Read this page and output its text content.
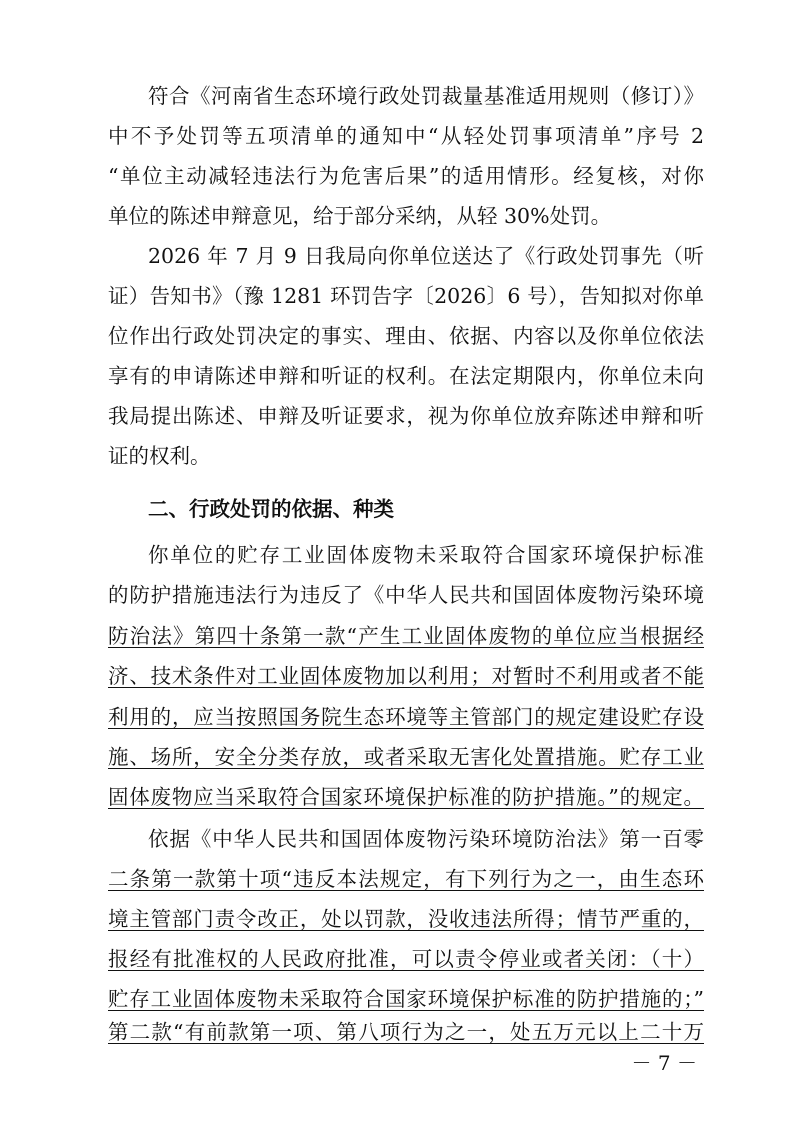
符合《河南省生态环境行政处罚裁量基准适用规则（修订）》
中不予处罚等五项清单的通知中“从轻处罚事项清单”序号 2
“单位主动减轻违法行为危害后果”的适用情形。经复核，对你
单位的陈述申辩意见，给于部分采纳，从轻 30%处罚。
2026 年 7 月 9 日我局向你单位送达了《行政处罚事先（听
证）告知书》（豫 1281 环罚告字〔2026〕6 号），告知拟对你单
位作出行政处罚决定的事实、理由、依据、内容以及你单位依法
享有的申请陈述申辩和听证的权利。在法定期限内，你单位未向
我局提出陈述、申辩及听证要求，视为你单位放弃陈述申辩和听
证的权利。
二、行政处罚的依据、种类
你单位的贮存工业固体废物未采取符合国家环境保护标准
的防护措施违法行为违反了《中华人民共和国固体废物污染环境
防治法》第四十条第一款“产生工业固体废物的单位应当根据经
济、技术条件对工业固体废物加以利用；对暂时不利用或者不能
利用的，应当按照国务院生态环境等主管部门的规定建设贮存设
施、场所，安全分类存放，或者采取无害化处置措施。贮存工业
固体废物应当采取符合国家环境保护标准的防护措施。”的规定。
依据《中华人民共和国固体废物污染环境防治法》第一百零
二条第一款第十项“违反本法规定，有下列行为之一，由生态环
境主管部门责令改正，处以罚款，没收违法所得；情节严重的，
报经有批准权的人民政府批准，可以责令停业或者关闭：（十）
贮存工业固体废物未采取符合国家环境保护标准的防护措施的；”
第二款“有前款第一项、第八项行为之一，处五万元以上二十万
－ 7 －
